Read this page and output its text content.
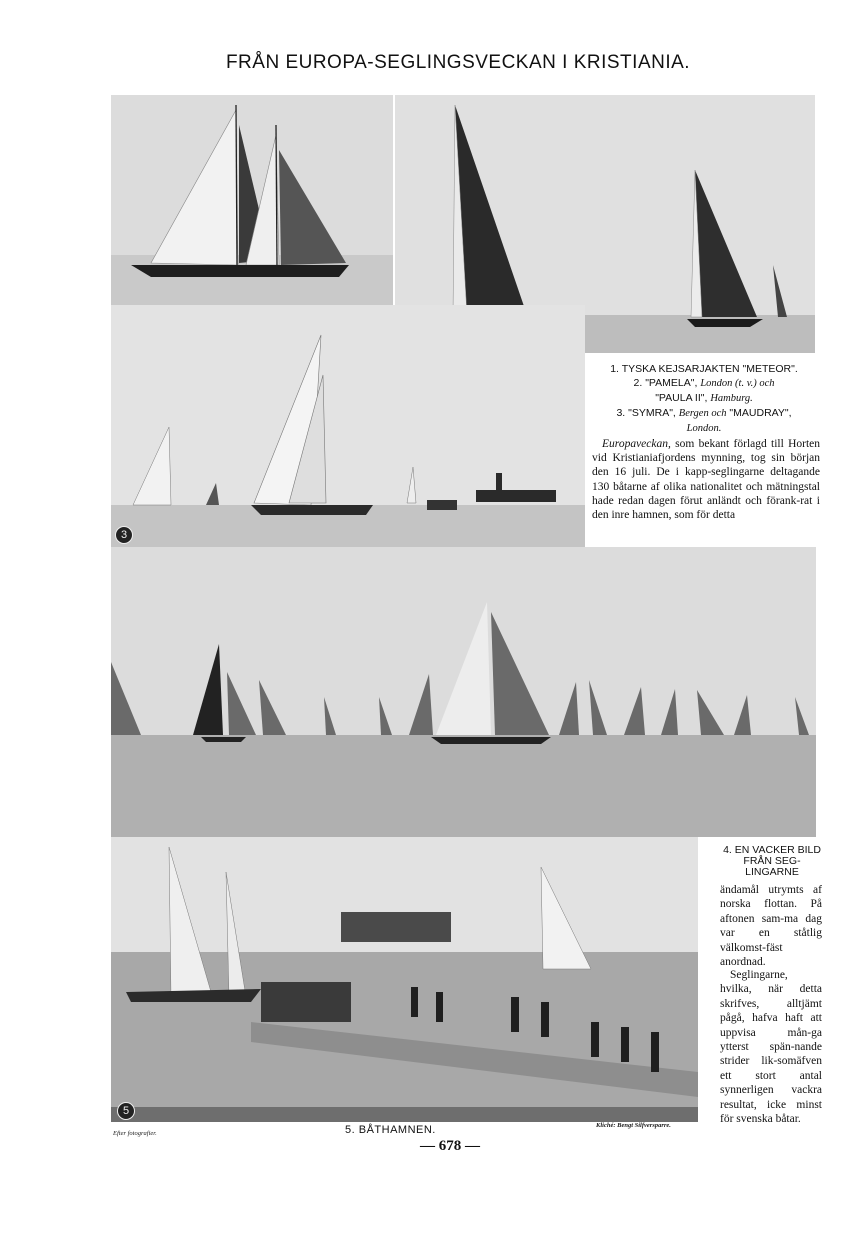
FRÅN EUROPA-SEGLINGSVECKAN I KRISTIANIA.
3
5
1. TYSKA KEJSARJAKTEN "METEOR".
2. "PAMELA", London (t. v.) och
"PAULA II", Hamburg.
3. "SYMRA", Bergen och "MAUDRAY",
London.
Europaveckan, som bekant förlagd till Horten vid Kristianiafjordens mynning, tog sin början den 16 juli. De i kapp-seglingarne deltagande 130 båtarne af olika nationalitet och mätningstal hade redan dagen förut anländt och förank-rat i den inre hamnen, som för detta
4. EN VACKER BILD FRÅN SEG- LINGARNE
ändamål utrymts af norska flottan. På aftonen sam-ma dag var en ståtlig välkomst-fäst anordnad.
Seglingarne, hvilka, när detta skrifves, alltjämt pågå, hafva haft att uppvisa mån-ga ytterst spän-nande strider lik-somäfven ett stort antal synnerligen vackra resultat, icke minst för svenska båtar.
Efter fotografier.	5. BÅTHAMNEN.	Kliché: Bengt Silfversparre.
— 678 —
